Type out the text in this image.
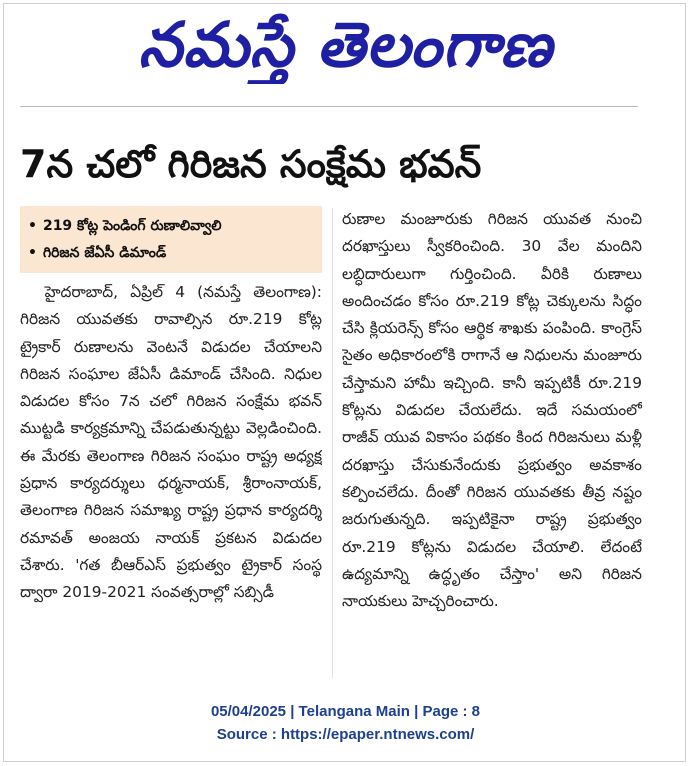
నమస్తే తెలంగాణ
7న చలో గిరిజన సంక్షేమ భవన్
• 219 కోట్ల పెండింగ్ రుణాలివ్వాలి
• గిరిజన జేఏసీ డిమాండ్

హైదరాబాద్, ఏప్రిల్ 4 (నమస్తే తెలంగాణ): గిరిజన యువతకు రావాల్సిన రూ.219 కోట్ల ట్రైకార్ రుణాలను వెంటనే విడుదల చేయాలని గిరిజన సంఘాల జేఏసీ డిమాండ్ చేసింది. నిధుల విడుదల కోసం 7న చలో గిరిజన సంక్షేమ భవన్ ముట్టడి కార్యక్రమాన్ని చేపడుతున్నట్టు వెల్లడించింది. ఈ మేరకు తెలంగాణ గిరిజన సంఘం రాష్ట్ర అధ్యక్ష ప్రధాన కార్యదర్శులు ధర్మనాయక్, శ్రీరాంనాయక్, తెలంగాణ గిరిజన సమాఖ్య రాష్ట్ర ప్రధాన కార్యదర్శి రమావత్ అంజయ నాయక్ ప్రకటన విడుదల చేశారు. 'గత బీఆర్ఎస్ ప్రభుత్వం ట్రైకార్ సంస్థ ద్వారా 2019-2021 సంవత్సరాల్లో సబ్సిడీ

రుణాల మంజూరుకు గిరిజన యువత నుంచి దరఖాస్తులు స్వీకరించింది. 30 వేల మందిని లబ్ధిదారులుగా గుర్తించింది. వీరికి రుణాలు అందించడం కోసం రూ.219 కోట్ల చెక్కులను సిద్ధం చేసి క్లియరెన్స్ కోసం ఆర్థిక శాఖకు పంపింది. కాంగ్రెస్ సైతం అధికారంలోకి రాగానే ఆ నిధులను మంజూరు చేస్తామని హామీ ఇచ్చింది. కానీ ఇప్పటికీ రూ.219 కోట్లను విడుదల చేయలేదు. ఇదే సమయంలో రాజీవ్ యువ వికాసం పథకం కింద గిరిజనులు మళ్లీ దరఖాస్తు చేసుకునేందుకు ప్రభుత్వం అవకాశం కల్పించలేదు. దీంతో గిరిజన యువతకు తీవ్ర నష్టం జరుగుతున్నది. ఇప్పటికైనా రాష్ట్ర ప్రభుత్వం రూ.219 కోట్లను విడుదల చేయాలి. లేదంటే ఉద్యమాన్ని ఉద్ధృతం చేస్తాం' అని గిరిజన నాయకులు హెచ్చరించారు.

05/04/2025 | Telangana Main | Page : 8
Source : https://epaper.ntnews.com/
